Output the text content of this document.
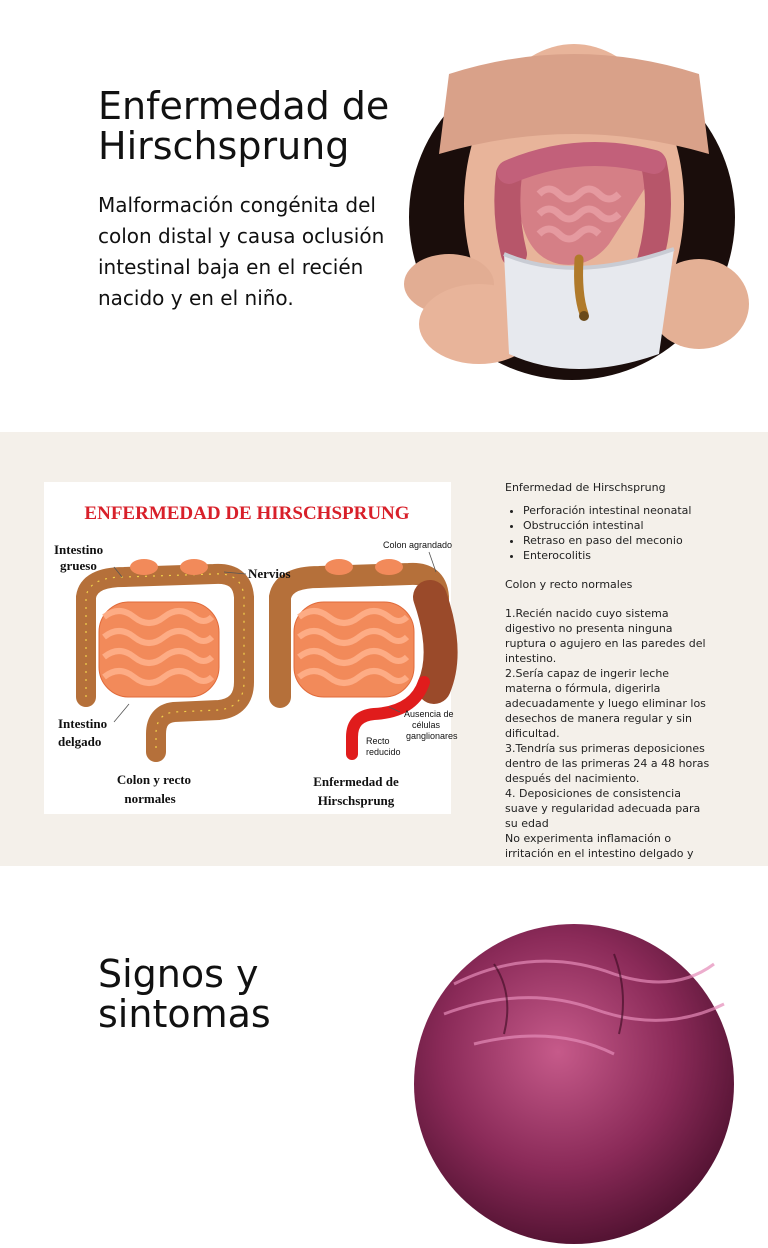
Enfermedad de Hirschsprung

Malformación congénita del colon distal y causa oclusión intestinal baja en el recién nacido y en el niño.

ENFERMEDAD DE HIRSCHSPRUNG
Intestino grueso
Nervios
Intestino delgado
Colon y recto normales
Colon agrandado
Ausencia de células ganglionares
Recto reducido
Enfermedad de Hirschsprung

Enfermedad de Hirschsprung

• Perforación intestinal neonatal
• Obstrucción intestinal
• Retraso en paso del meconio
• Enterocolitis

Colon y recto normales

1.Recién nacido cuyo sistema digestivo no presenta ninguna ruptura o agujero en las paredes del intestino.

2.Sería capaz de ingerir leche materna o fórmula, digerirla adecuadamente y luego eliminar los desechos de manera regular y sin dificultad.

3.Tendría sus primeras deposiciones dentro de las primeras 24 a 48 horas después del nacimiento.

4. Deposiciones de consistencia suave y regularidad adecuada para su edad

No experimenta inflamación o irritación en el intestino delgado y

Signos y sintomas
